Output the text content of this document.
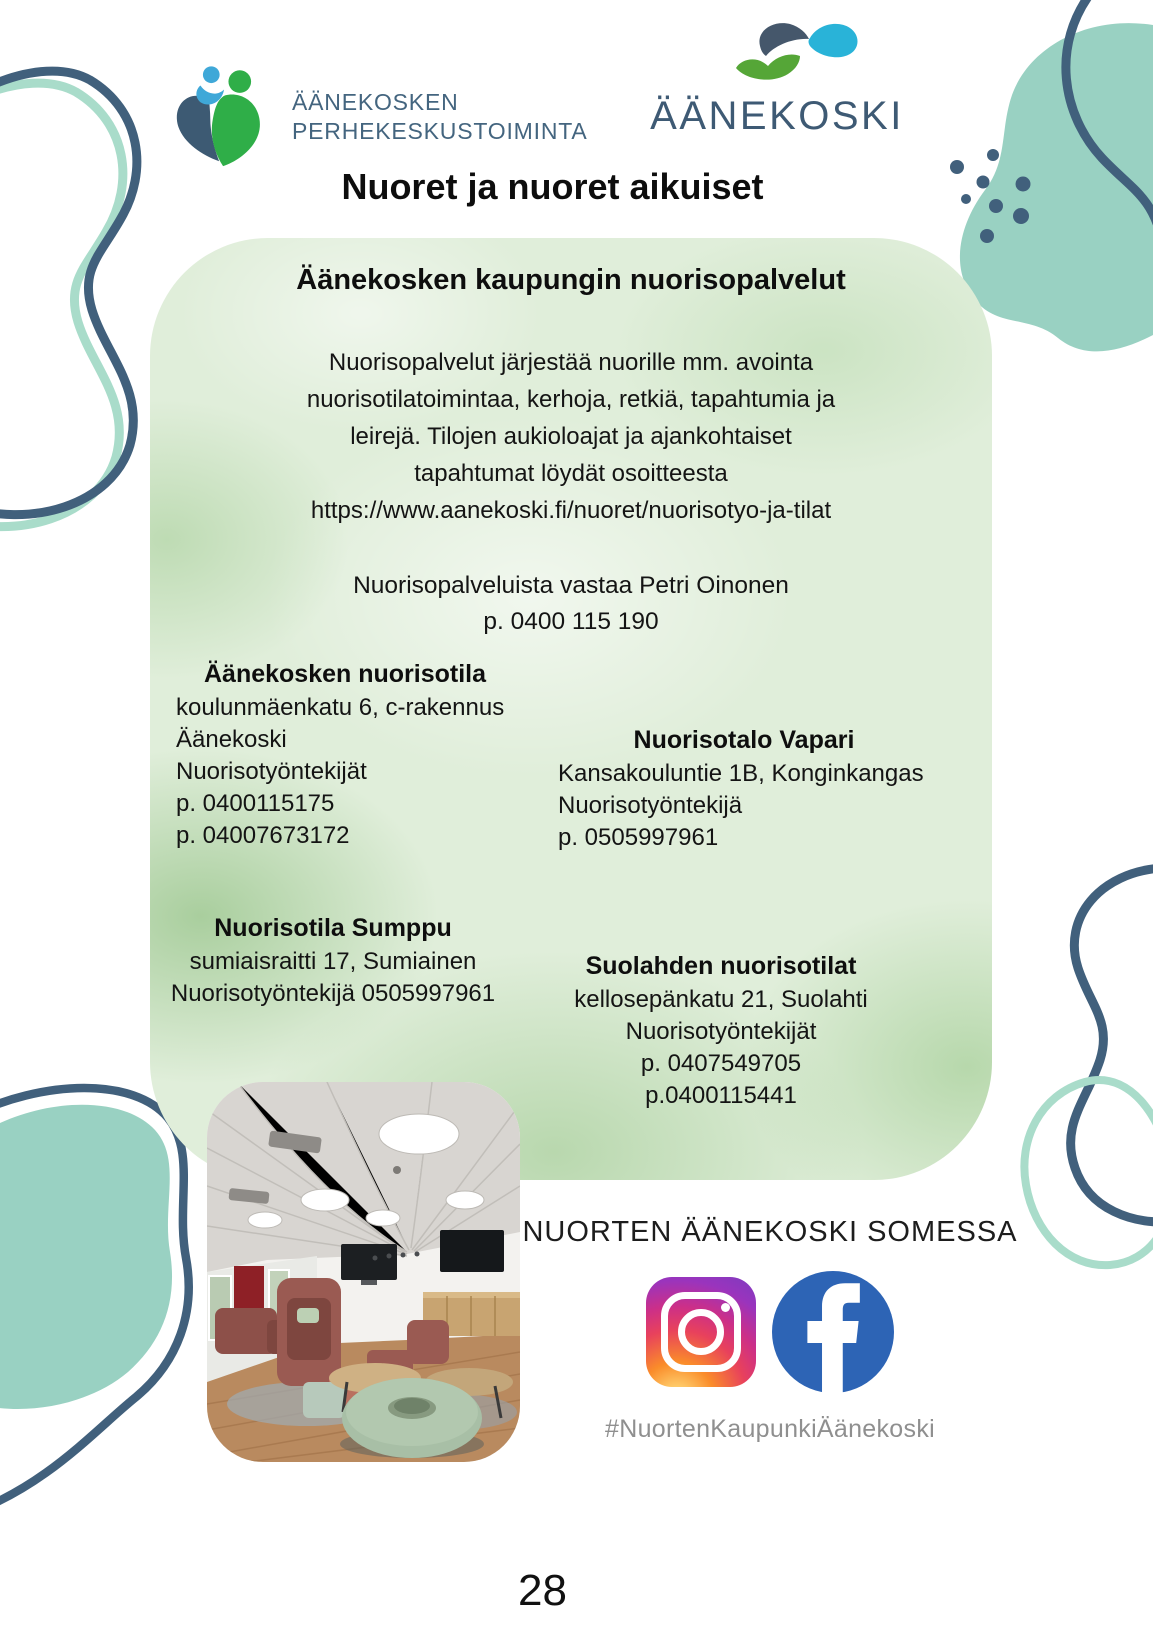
ÄÄNEKOSKEN
PERHEKESKUSTOIMINTA	ÄÄNEKOSKI
Nuoret ja nuoret aikuiset
Äänekosken kaupungin nuorisopalvelut
Nuorisopalvelut järjestää nuorille mm. avointa
nuorisotilatoimintaa, kerhoja, retkiä, tapahtumia ja
leirejä. Tilojen aukioloajat ja ajankohtaiset
tapahtumat löydät osoitteesta
https://www.aanekoski.fi/nuoret/nuorisotyo-ja-tilat
Nuorisopalveluista vastaa Petri Oinonen
p. 0400 115 190
Äänekosken nuorisotila
koulunmäenkatu 6, c-rakennus
Äänekoski
Nuorisotyöntekijät
p. 0400115175
p. 04007673172
Nuorisotalo Vapari
Kansakouluntie 1B, Konginkangas
Nuorisotyöntekijä
p. 0505997961
Nuorisotila Sumppu
sumiaisraitti 17, Sumiainen
Nuorisotyöntekijä 0505997961
Suolahden nuorisotilat
kellosepänkatu 21, Suolahti
Nuorisotyöntekijät
p. 0407549705
p.0400115441
NUORTEN ÄÄNEKOSKI SOMESSA
#NuortenKaupunkiÄänekoski
28
